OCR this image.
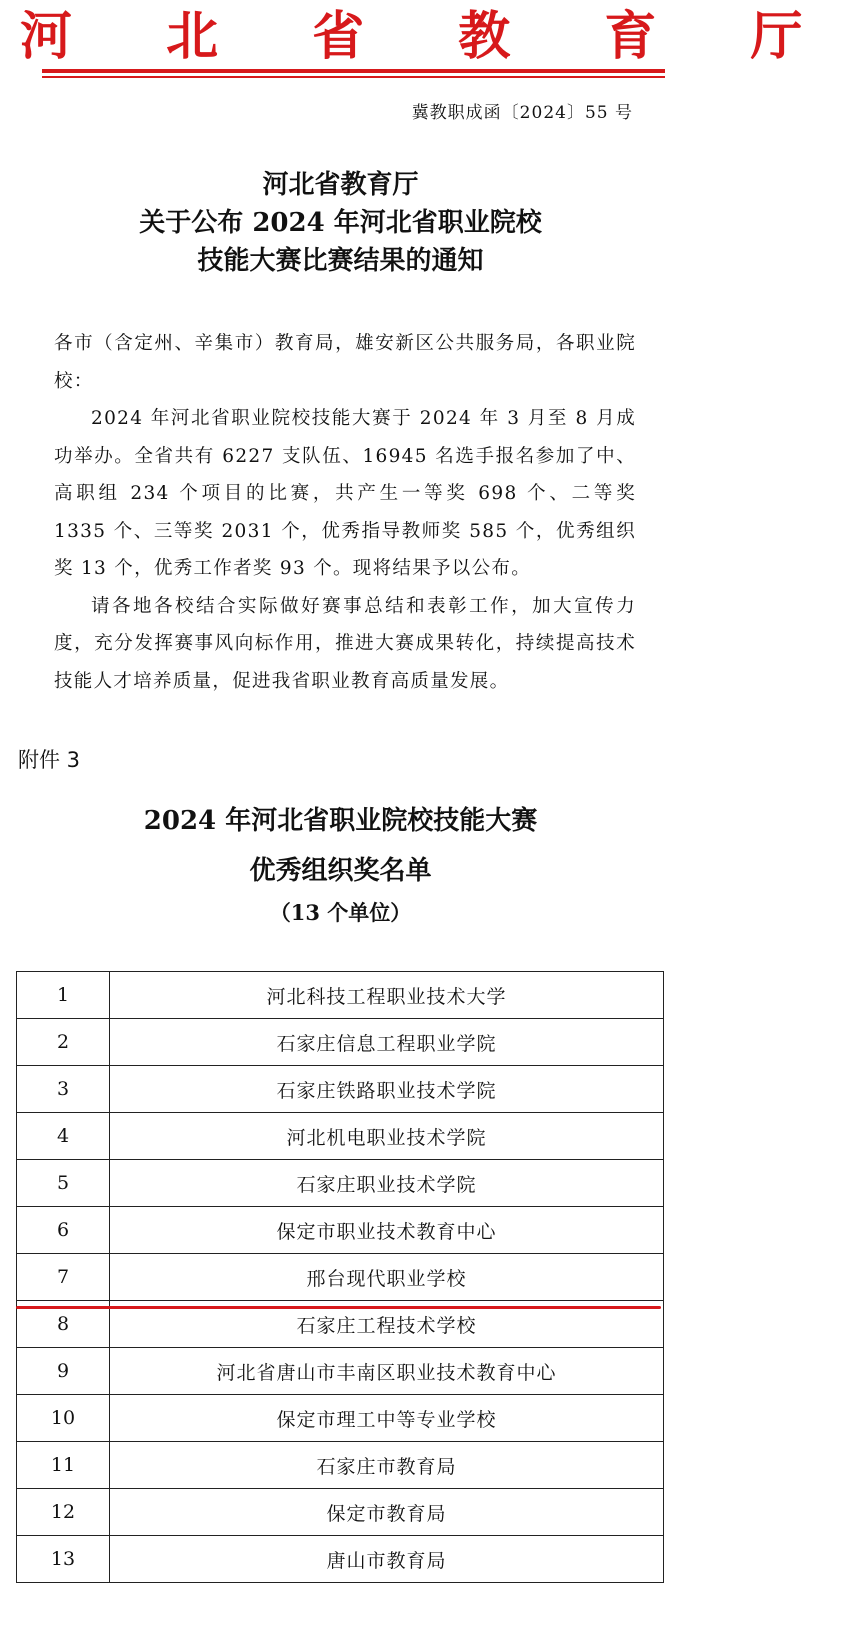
河 北 省 教 育 厅
冀教职成函〔2024〕55 号
河北省教育厅
关于公布 2024 年河北省职业院校
技能大赛比赛结果的通知

各市（含定州、辛集市）教育局，雄安新区公共服务局，各职业院校：

2024 年河北省职业院校技能大赛于 2024 年 3 月至 8 月成功举办。全省共有 6227 支队伍、16945 名选手报名参加了中、高职组 234 个项目的比赛，共产生一等奖 698 个、二等奖 1335 个、三等奖 2031 个，优秀指导教师奖 585 个，优秀组织奖 13 个，优秀工作者奖 93 个。现将结果予以公布。

请各地各校结合实际做好赛事总结和表彰工作，加大宣传力度，充分发挥赛事风向标作用，推进大赛成果转化，持续提高技术技能人才培养质量，促进我省职业教育高质量发展。

附件 3
2024 年河北省职业院校技能大赛
优秀组织奖名单
（13 个单位）
1	河北科技工程职业技术大学
2	石家庄信息工程职业学院
3	石家庄铁路职业技术学院
4	河北机电职业技术学院
5	石家庄职业技术学院
6	保定市职业技术教育中心
7	邢台现代职业学校
8	石家庄工程技术学校
9	河北省唐山市丰南区职业技术教育中心
10	保定市理工中等专业学校
11	石家庄市教育局
12	保定市教育局
13	唐山市教育局
